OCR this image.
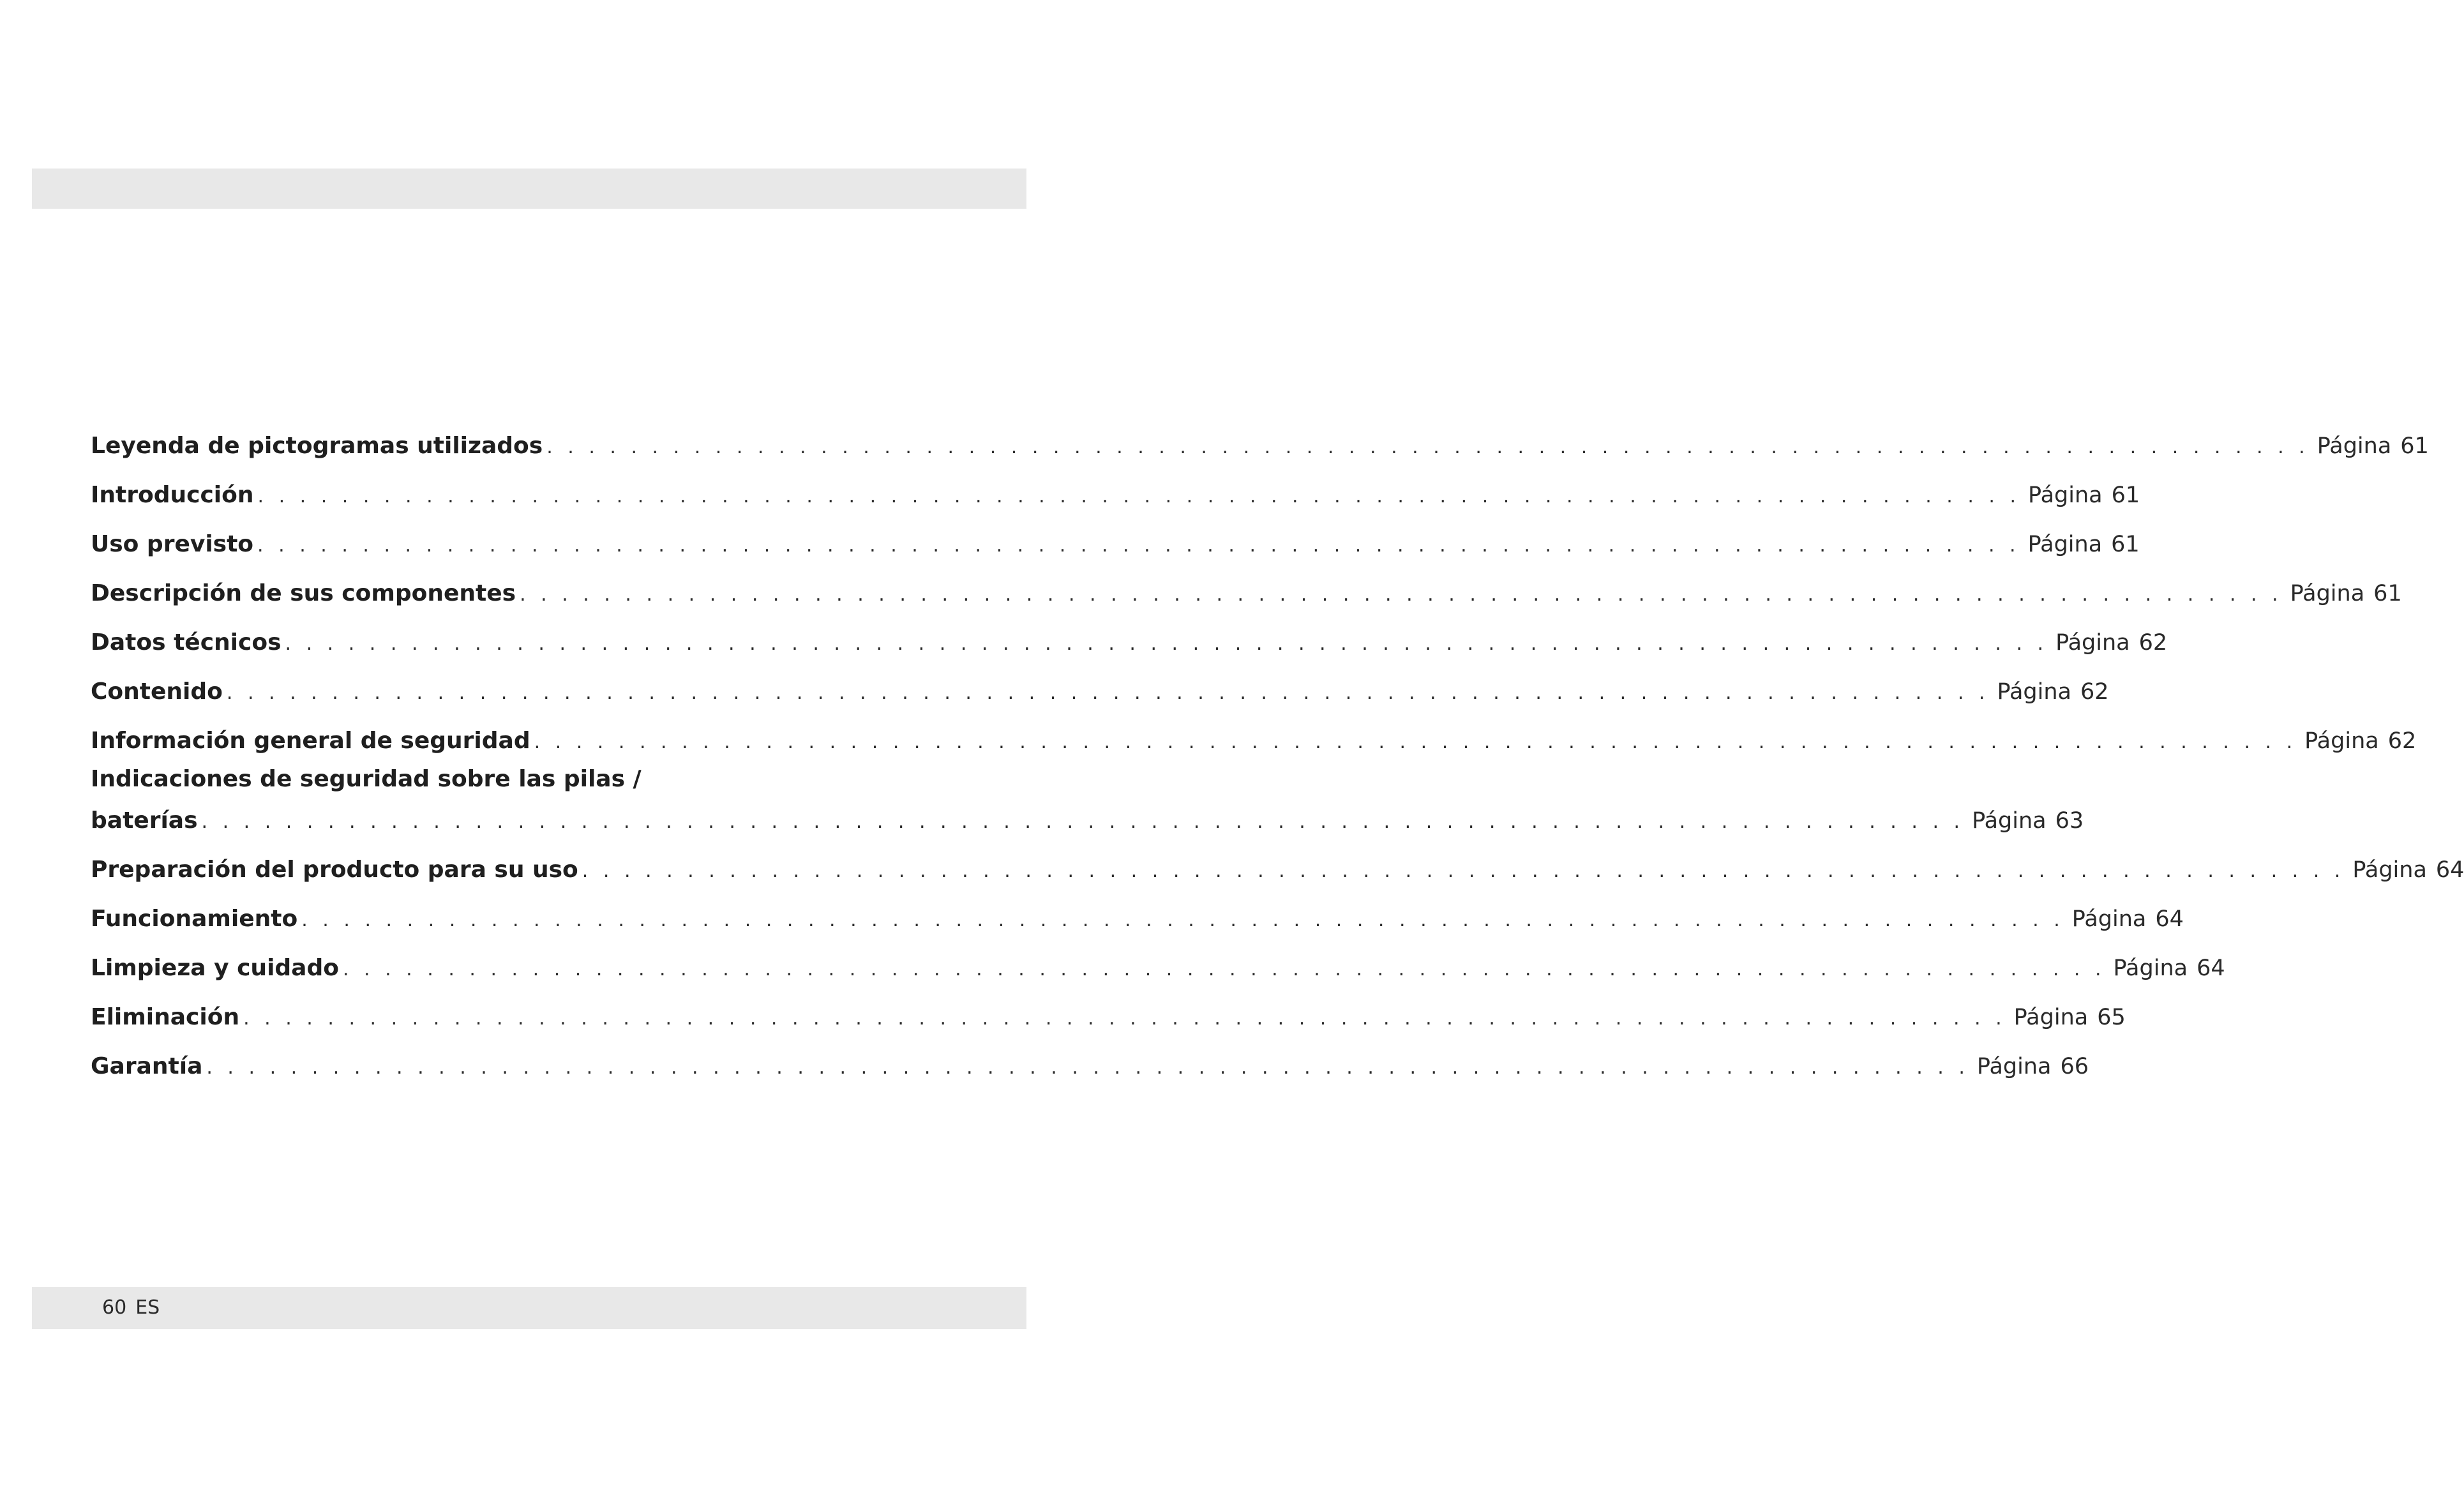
Leyenda de pictogramas utilizados . . . . . . . . . . . . . . . . . . . . . . . . . . . . . . . . . . . . . . . . . . . . . . . . . . . . . . . . . . . . . . . . . . . . . . . . . . . . . . . . . . . . Página 61
Introducción . . . . . . . . . . . . . . . . . . . . . . . . . . . . . . . . . . . . . . . . . . . . . . . . . . . . . . . . . . . . . . . . . . . . . . . . . . . . . . . . . . . . Página 61
Uso previsto . . . . . . . . . . . . . . . . . . . . . . . . . . . . . . . . . . . . . . . . . . . . . . . . . . . . . . . . . . . . . . . . . . . . . . . . . . . . . . . . . . . . Página 61
Descripción de sus componentes . . . . . . . . . . . . . . . . . . . . . . . . . . . . . . . . . . . . . . . . . . . . . . . . . . . . . . . . . . . . . . . . . . . . . . . . . . . . . . . . . . . . Página 61
Datos técnicos . . . . . . . . . . . . . . . . . . . . . . . . . . . . . . . . . . . . . . . . . . . . . . . . . . . . . . . . . . . . . . . . . . . . . . . . . . . . . . . . . . . . Página 62
Contenido . . . . . . . . . . . . . . . . . . . . . . . . . . . . . . . . . . . . . . . . . . . . . . . . . . . . . . . . . . . . . . . . . . . . . . . . . . . . . . . . . . . . Página 62
Información general de seguridad . . . . . . . . . . . . . . . . . . . . . . . . . . . . . . . . . . . . . . . . . . . . . . . . . . . . . . . . . . . . . . . . . . . . . . . . . . . . . . . . . . . . Página 62
Indicaciones de seguridad sobre las pilas /
baterías . . . . . . . . . . . . . . . . . . . . . . . . . . . . . . . . . . . . . . . . . . . . . . . . . . . . . . . . . . . . . . . . . . . . . . . . . . . . . . . . . . . . Página 63
Preparación del producto para su uso . . . . . . . . . . . . . . . . . . . . . . . . . . . . . . . . . . . . . . . . . . . . . . . . . . . . . . . . . . . . . . . . . . . . . . . . . . . . . . . . . . . . Página 64
Funcionamiento . . . . . . . . . . . . . . . . . . . . . . . . . . . . . . . . . . . . . . . . . . . . . . . . . . . . . . . . . . . . . . . . . . . . . . . . . . . . . . . . . . . . Página 64
Limpieza y cuidado . . . . . . . . . . . . . . . . . . . . . . . . . . . . . . . . . . . . . . . . . . . . . . . . . . . . . . . . . . . . . . . . . . . . . . . . . . . . . . . . . . . . Página 64
Eliminación . . . . . . . . . . . . . . . . . . . . . . . . . . . . . . . . . . . . . . . . . . . . . . . . . . . . . . . . . . . . . . . . . . . . . . . . . . . . . . . . . . . . Página 65
Garantía . . . . . . . . . . . . . . . . . . . . . . . . . . . . . . . . . . . . . . . . . . . . . . . . . . . . . . . . . . . . . . . . . . . . . . . . . . . . . . . . . . . . Página 66
60 ES
